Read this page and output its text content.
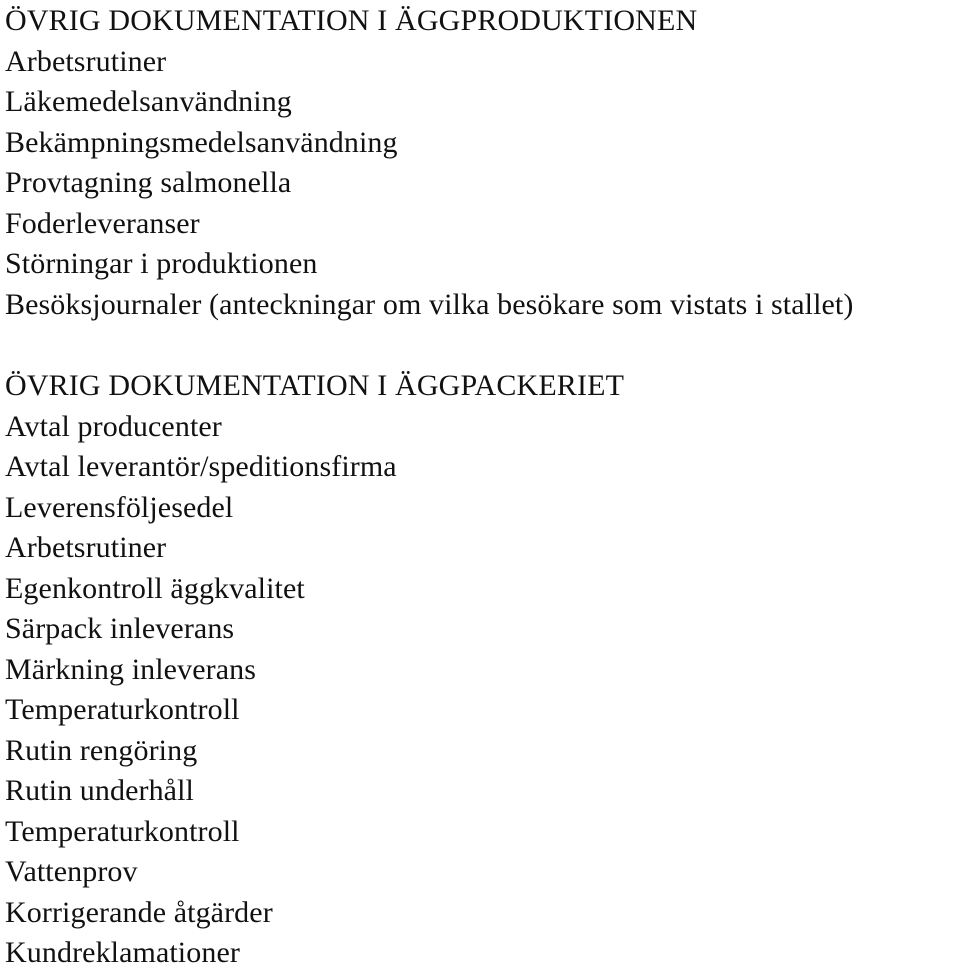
ÖVRIG DOKUMENTATION I ÄGGPRODUKTIONEN
Arbetsrutiner
Läkemedelsanvändning
Bekämpningsmedelsanvändning
Provtagning salmonella
Foderleveranser
Störningar i produktionen
Besöksjournaler (anteckningar om vilka besökare som vistats i stallet)
ÖVRIG DOKUMENTATION I ÄGGPACKERIET
Avtal producenter
Avtal leverantör/speditionsfirma
Leverensföljesedel
Arbetsrutiner
Egenkontroll äggkvalitet
Särpack inleverans
Märkning inleverans
Temperaturkontroll
Rutin rengöring
Rutin underhåll
Temperaturkontroll
Vattenprov
Korrigerande åtgärder
Kundreklamationer
